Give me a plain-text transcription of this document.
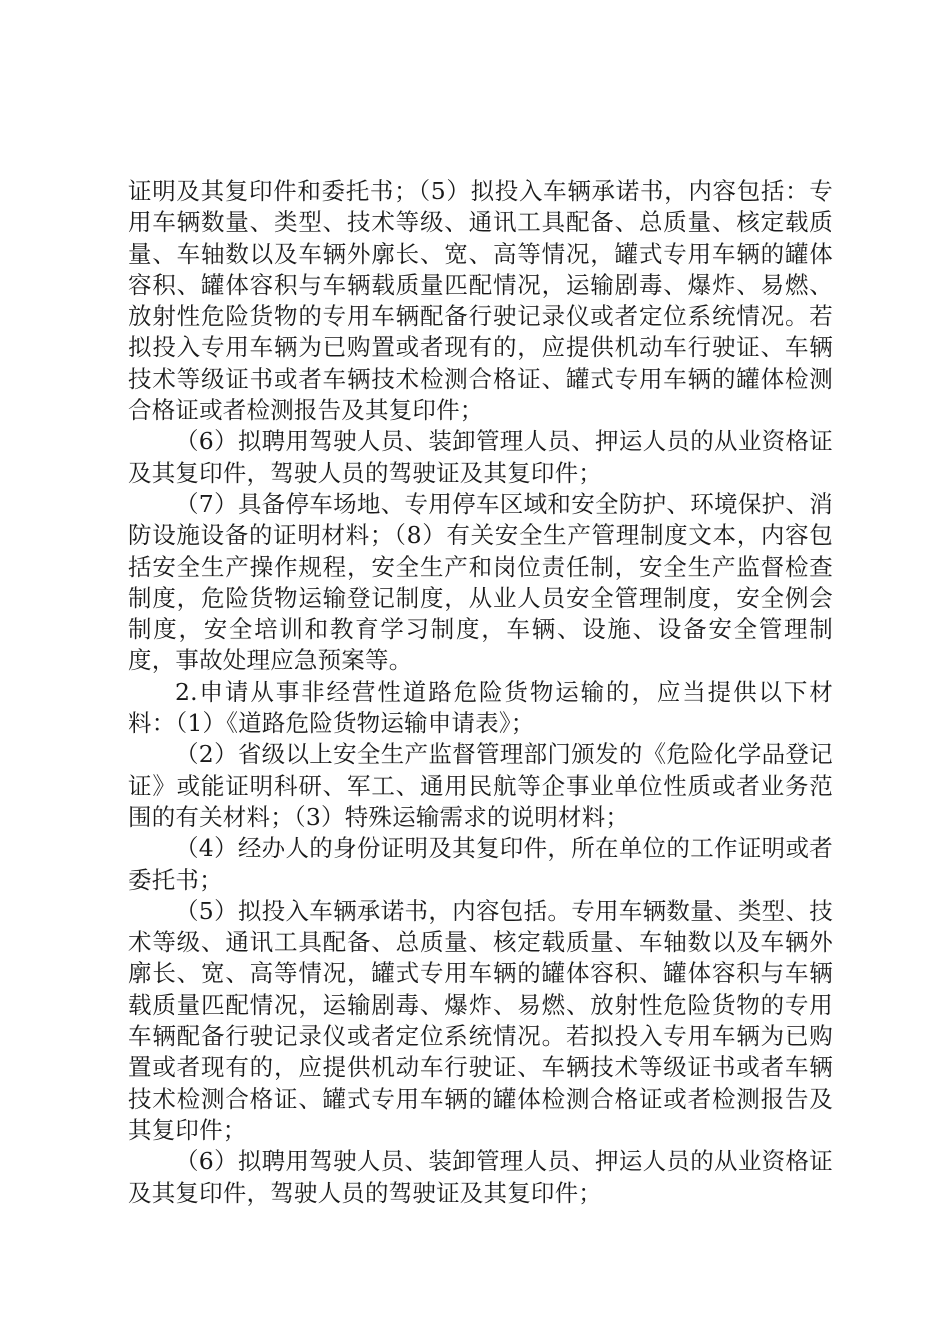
证明及其复印件和委托书；（5）拟投入车辆承诺书，内容包括：专用车辆数量、类型、技术等级、通讯工具配备、总质量、核定载质量、车轴数以及车辆外廓长、宽、高等情况，罐式专用车辆的罐体容积、罐体容积与车辆载质量匹配情况，运输剧毒、爆炸、易燃、放射性危险货物的专用车辆配备行驶记录仪或者定位系统情况。若拟投入专用车辆为已购置或者现有的，应提供机动车行驶证、车辆技术等级证书或者车辆技术检测合格证、罐式专用车辆的罐体检测合格证或者检测报告及其复印件；

（6）拟聘用驾驶人员、装卸管理人员、押运人员的从业资格证及其复印件，驾驶人员的驾驶证及其复印件；

（7）具备停车场地、专用停车区域和安全防护、环境保护、消防设施设备的证明材料；（8）有关安全生产管理制度文本，内容包括安全生产操作规程，安全生产和岗位责任制，安全生产监督检查制度，危险货物运输登记制度，从业人员安全管理制度，安全例会制度，安全培训和教育学习制度，车辆、设施、设备安全管理制度，事故处理应急预案等。

2.申请从事非经营性道路危险货物运输的，应当提供以下材料：（1）《道路危险货物运输申请表》；

（2）省级以上安全生产监督管理部门颁发的《危险化学品登记证》或能证明科研、军工、通用民航等企事业单位性质或者业务范围的有关材料；（3）特殊运输需求的说明材料；

（4）经办人的身份证明及其复印件，所在单位的工作证明或者委托书；

（5）拟投入车辆承诺书，内容包括。专用车辆数量、类型、技术等级、通讯工具配备、总质量、核定载质量、车轴数以及车辆外廓长、宽、高等情况，罐式专用车辆的罐体容积、罐体容积与车辆载质量匹配情况，运输剧毒、爆炸、易燃、放射性危险货物的专用车辆配备行驶记录仪或者定位系统情况。若拟投入专用车辆为已购置或者现有的，应提供机动车行驶证、车辆技术等级证书或者车辆技术检测合格证、罐式专用车辆的罐体检测合格证或者检测报告及其复印件；

（6）拟聘用驾驶人员、装卸管理人员、押运人员的从业资格证及其复印件，驾驶人员的驾驶证及其复印件；
